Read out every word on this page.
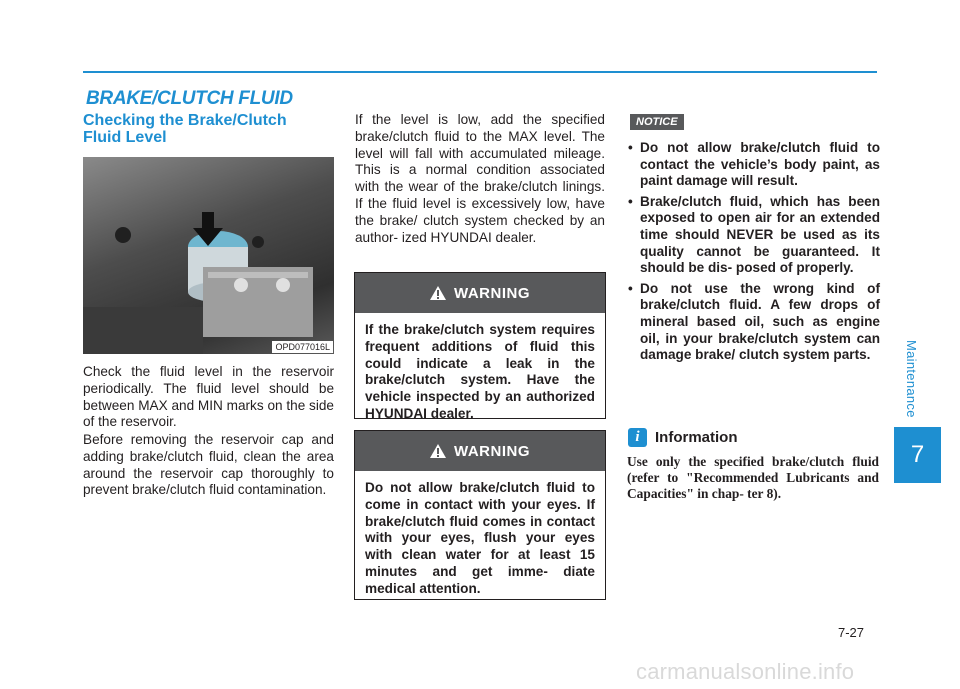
BRAKE/CLUTCH FLUID
Checking the Brake/Clutch Fluid Level
OPD077016L
Check the fluid level in the reservoir periodically. The fluid level should be between MAX and MIN marks on the side of the reservoir.
Before removing the reservoir cap and adding brake/clutch fluid, clean the area around the reservoir cap thoroughly to prevent brake/clutch fluid contamination.
If the level is low, add the specified brake/clutch fluid to the MAX level. The level will fall with accumulated mileage. This is a normal condition associated with the wear of the brake/clutch linings. If the fluid level is excessively low, have the brake/ clutch system checked by an author- ized HYUNDAI dealer.
WARNING
If the brake/clutch system requires frequent additions of fluid this could indicate a leak in the brake/clutch system. Have the vehicle inspected by an authorized HYUNDAI dealer.
WARNING
Do not allow brake/clutch fluid to come in contact with your eyes. If brake/clutch fluid comes in contact with your eyes, flush your eyes with clean water for at least 15 minutes and get imme- diate medical attention.
NOTICE
• Do not allow brake/clutch fluid to contact the vehicle’s body paint, as paint damage will result.
• Brake/clutch fluid, which has been exposed to open air for an extended time should NEVER be used as its quality cannot be guaranteed. It should be dis- posed of properly.
• Do not use the wrong kind of brake/clutch fluid. A few drops of mineral based oil, such as engine oil, in your brake/clutch system can damage brake/ clutch system parts.
i	Information
Use only the specified brake/clutch fluid (refer to "Recommended Lubricants and Capacities" in chap- ter 8).
Maintenance
7
7-27
carmanualsonline.info
